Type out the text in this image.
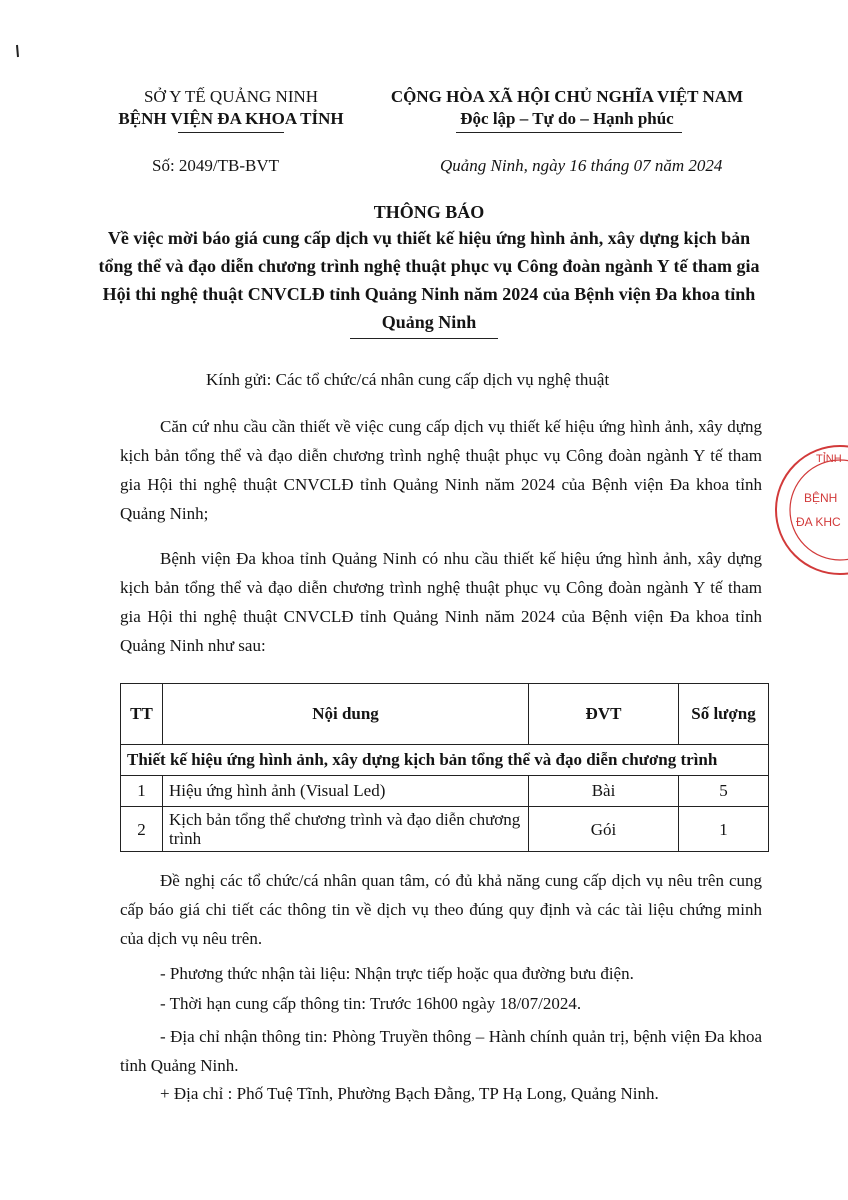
SỞ Y TẾ QUẢNG NINH
BỆNH VIỆN ĐA KHOA TỈNH
CỘNG HÒA XÃ HỘI CHỦ NGHĨA VIỆT NAM
Độc lập – Tự do – Hạnh phúc
Số: 2049/TB-BVT	Quảng Ninh, ngày 16 tháng 07 năm 2024
THÔNG BÁO
Về việc mời báo giá cung cấp dịch vụ thiết kế hiệu ứng hình ảnh, xây dựng kịch bản tổng thể và đạo diễn chương trình nghệ thuật phục vụ Công đoàn ngành Y tế tham gia Hội thi nghệ thuật CNVCLĐ tỉnh Quảng Ninh năm 2024 của Bệnh viện Đa khoa tỉnh Quảng Ninh
Kính gửi: Các tổ chức/cá nhân cung cấp dịch vụ nghệ thuật
Căn cứ nhu cầu cần thiết về việc cung cấp dịch vụ thiết kế hiệu ứng hình ảnh, xây dựng kịch bản tổng thể và đạo diễn chương trình nghệ thuật phục vụ Công đoàn ngành Y tế tham gia Hội thi nghệ thuật CNVCLĐ tỉnh Quảng Ninh năm 2024 của Bệnh viện Đa khoa tỉnh Quảng Ninh;
Bệnh viện Đa khoa tỉnh Quảng Ninh có nhu cầu thiết kế hiệu ứng hình ảnh, xây dựng kịch bản tổng thể và đạo diễn chương trình nghệ thuật phục vụ Công đoàn ngành Y tế tham gia Hội thi nghệ thuật CNVCLĐ tỉnh Quảng Ninh năm 2024 của Bệnh viện Đa khoa tỉnh Quảng Ninh như sau:
TT	Nội dung	ĐVT	Số lượng
Thiết kế hiệu ứng hình ảnh, xây dựng kịch bản tổng thể và đạo diễn chương trình			
1	Hiệu ứng hình ảnh (Visual Led)	Bài	5
2	Kịch bản tổng thể chương trình và đạo diễn chương trình	Gói	1
Đề nghị các tổ chức/cá nhân quan tâm, có đủ khả năng cung cấp dịch vụ nêu trên cung cấp báo giá chi tiết các thông tin về dịch vụ theo đúng quy định và các tài liệu chứng minh của dịch vụ nêu trên.
- Phương thức nhận tài liệu: Nhận trực tiếp hoặc qua đường bưu điện.
- Thời hạn cung cấp thông tin: Trước 16h00 ngày 18/07/2024.
- Địa chỉ nhận thông tin: Phòng Truyền thông – Hành chính quản trị, bệnh viện Đa khoa tỉnh Quảng Ninh.
+ Địa chỉ : Phố Tuệ Tĩnh, Phường Bạch Đằng, TP Hạ Long, Quảng Ninh.
TỈNH
BỆNH
ĐA KHC
